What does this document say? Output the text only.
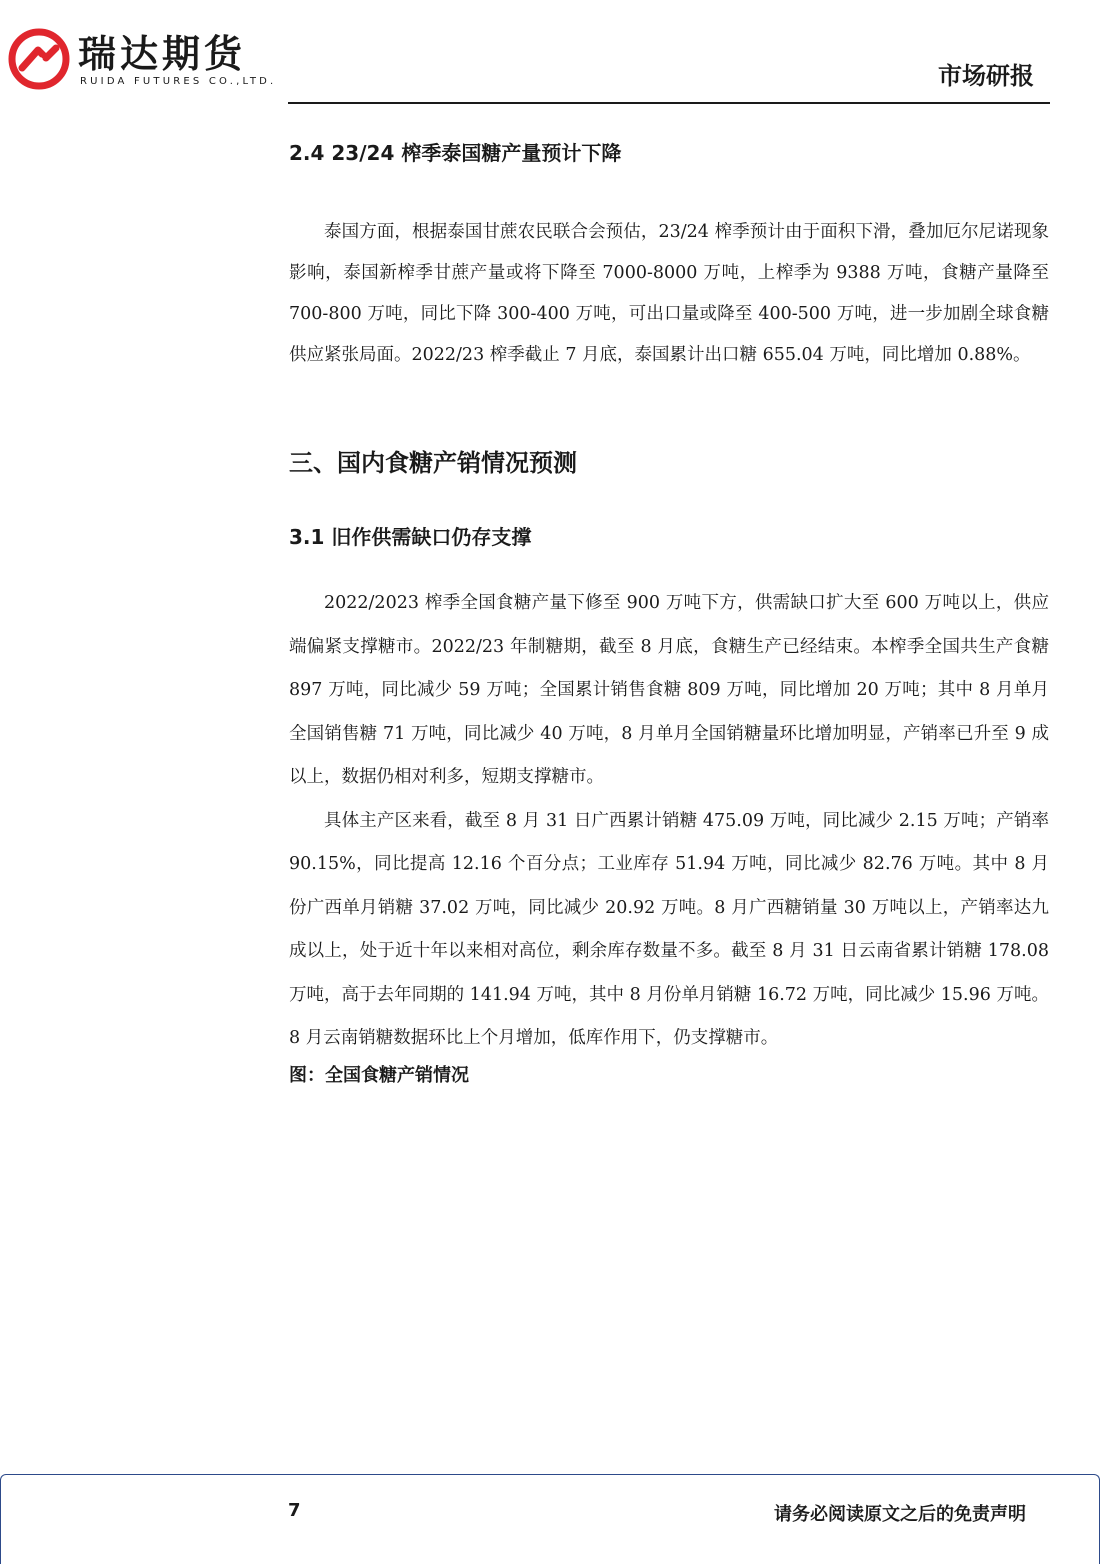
瑞达期货
RUIDA FUTURES CO.,LTD.	市场研报
2.4 23/24 榨季泰国糖产量预计下降

泰国方面，根据泰国甘蔗农民联合会预估，23/24 榨季预计由于面积下滑，叠加厄尔尼诺现象影响，泰国新榨季甘蔗产量或将下降至 7000-8000 万吨，上榨季为 9388 万吨，食糖产量降至 700-800 万吨，同比下降 300-400 万吨，可出口量或降至 400-500 万吨，进一步加剧全球食糖供应紧张局面。2022/23 榨季截止 7 月底，泰国累计出口糖 655.04 万吨，同比增加 0.88%。

三、国内食糖产销情况预测
3.1 旧作供需缺口仍存支撑

2022/2023 榨季全国食糖产量下修至 900 万吨下方，供需缺口扩大至 600 万吨以上，供应端偏紧支撑糖市。2022/23 年制糖期，截至 8 月底，食糖生产已经结束。本榨季全国共生产食糖 897 万吨，同比减少 59 万吨；全国累计销售食糖 809 万吨，同比增加 20 万吨；其中 8 月单月全国销售糖 71 万吨，同比减少 40 万吨，8 月单月全国销糖量环比增加明显，产销率已升至 9 成以上，数据仍相对利多，短期支撑糖市。

具体主产区来看，截至 8 月 31 日广西累计销糖 475.09 万吨，同比减少 2.15 万吨；产销率 90.15%，同比提高 12.16 个百分点；工业库存 51.94 万吨，同比减少 82.76 万吨。其中 8 月份广西单月销糖 37.02 万吨，同比减少 20.92 万吨。8 月广西糖销量 30 万吨以上，产销率达九成以上，处于近十年以来相对高位，剩余库存数量不多。截至 8 月 31 日云南省累计销糖 178.08 万吨，高于去年同期的 141.94 万吨，其中 8 月份单月销糖 16.72 万吨，同比减少 15.96 万吨。8 月云南销糖数据环比上个月增加，低库作用下，仍支撑糖市。

图：全国食糖产销情况

7	请务必阅读原文之后的免责声明
